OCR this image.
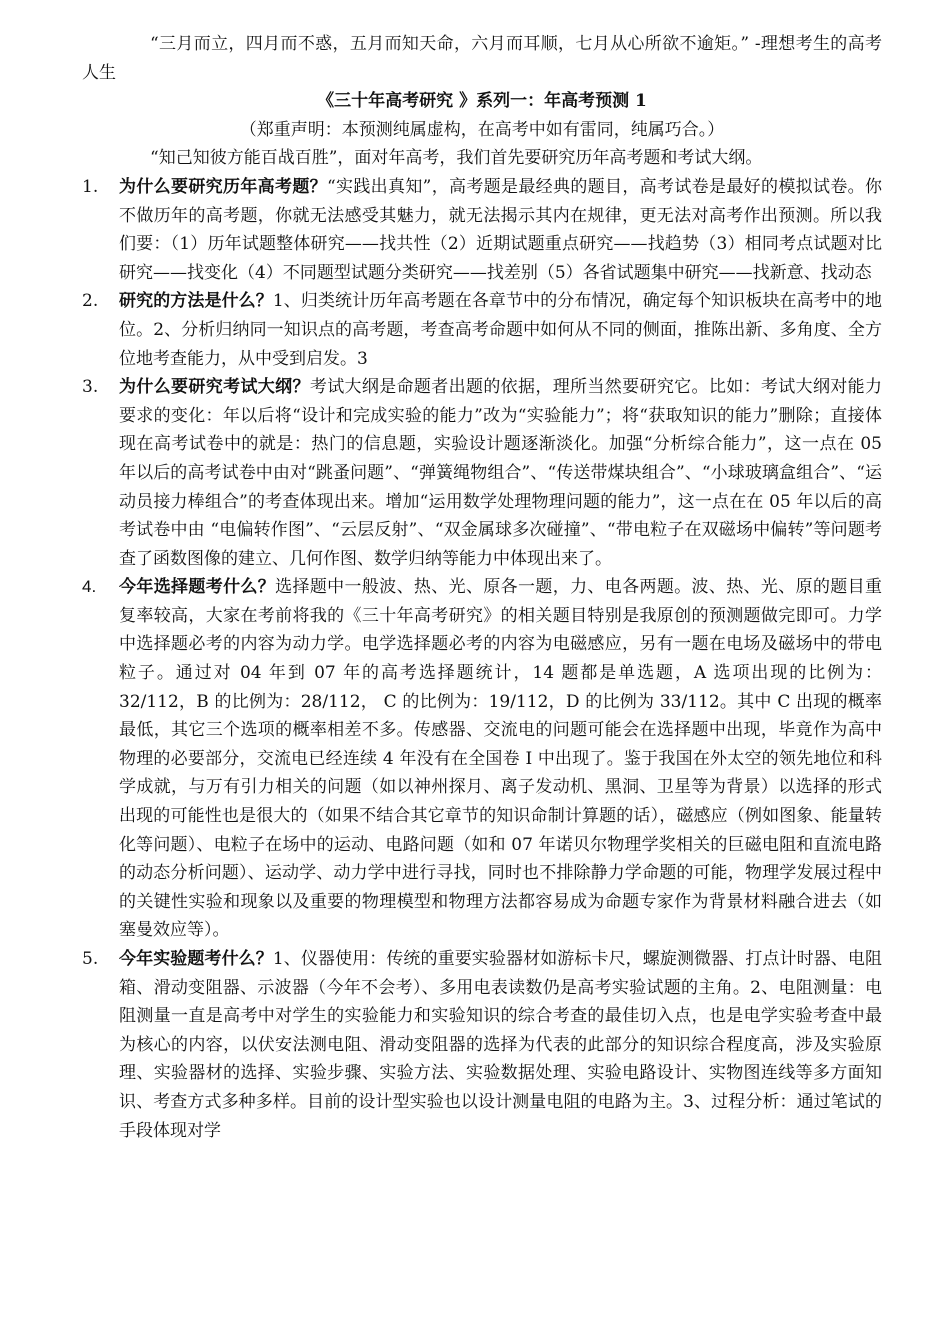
“三月而立，四月而不惑，五月而知天命，六月而耳顺，七月从心所欲不逾矩。” -理想考生的高考人生

《三十年高考研究 》系列一：年高考预测 1

（郑重声明：本预测纯属虚构，在高考中如有雷同，纯属巧合。）

“知己知彼方能百战百胜”，面对年高考，我们首先要研究历年高考题和考试大纲。

1. 为什么要研究历年高考题？“实践出真知”，高考题是最经典的题目，高考试卷是最好的模拟试卷。你不做历年的高考题，你就无法感受其魅力，就无法揭示其内在规律，更无法对高考作出预测。所以我们要：（1）历年试题整体研究——找共性（2）近期试题重点研究——找趋势（3）相同考点试题对比研究——找变化（4）不同题型试题分类研究——找差别（5）各省试题集中研究——找新意、找动态
2. 研究的方法是什么？1、归类统计历年高考题在各章节中的分布情况，确定每个知识板块在高考中的地位。2、分析归纳同一知识点的高考题，考查高考命题中如何从不同的侧面，推陈出新、多角度、全方位地考查能力，从中受到启发。3
3. 为什么要研究考试大纲？考试大纲是命题者出题的依据，理所当然要研究它。比如：考试大纲对能力要求的变化：年以后将“设计和完成实验的能力”改为“实验能力”；将“获取知识的能力”删除；直接体现在高考试卷中的就是：热门的信息题，实验设计题逐渐淡化。加强“分析综合能力”，这一点在 05 年以后的高考试卷中由对“跳蚤问题”、“弹簧绳物组合”、“传送带煤块组合”、“小球玻璃盒组合”、“运动员接力棒组合”的考查体现出来。增加“运用数学处理物理问题的能力”，这一点在在 05 年以后的高考试卷中由 “电偏转作图”、“云层反射”、“双金属球多次碰撞”、“带电粒子在双磁场中偏转”等问题考查了函数图像的建立、几何作图、数学归纳等能力中体现出来了。
4. 今年选择题考什么？选择题中一般波、热、光、原各一题，力、电各两题。波、热、光、原的题目重复率较高，大家在考前将我的《三十年高考研究》的相关题目特别是我原创的预测题做完即可。力学中选择题必考的内容为动力学。电学选择题必考的内容为电磁感应，另有一题在电场及磁场中的带电粒子。通过对 04 年到 07 年的高考选择题统计，14 题都是单选题，A 选项出现的比例为：32/112，B 的比例为：28/112， C 的比例为：19/112，D 的比例为 33/112。其中 C 出现的概率最低，其它三个选项的概率相差不多。传感器、交流电的问题可能会在选择题中出现，毕竟作为高中物理的必要部分，交流电已经连续 4 年没有在全国卷 I 中出现了。鉴于我国在外太空的领先地位和科学成就，与万有引力相关的问题（如以神州探月、离子发动机、黑洞、卫星等为背景）以选择的形式出现的可能性也是很大的（如果不结合其它章节的知识命制计算题的话），磁感应（例如图象、能量转化等问题）、电粒子在场中的运动、电路问题（如和 07 年诺贝尔物理学奖相关的巨磁电阻和直流电路的动态分析问题）、运动学、动力学中进行寻找，同时也不排除静力学命题的可能，物理学发展过程中的关键性实验和现象以及重要的物理模型和物理方法都容易成为命题专家作为背景材料融合进去（如塞曼效应等）。
5. 今年实验题考什么？1、仪器使用：传统的重要实验器材如游标卡尺，螺旋测微器、打点计时器、电阻箱、滑动变阻器、示波器（今年不会考）、多用电表读数仍是高考实验试题的主角。2、电阻测量：电阻测量一直是高考中对学生的实验能力和实验知识的综合考查的最佳切入点，也是电学实验考查中最为核心的内容，以伏安法测电阻、滑动变阻器的选择为代表的此部分的知识综合程度高，涉及实验原理、实验器材的选择、实验步骤、实验方法、实验数据处理、实验电路设计、实物图连线等多方面知识、考查方式多种多样。目前的设计型实验也以设计测量电阻的电路为主。3、过程分析：通过笔试的手段体现对学
